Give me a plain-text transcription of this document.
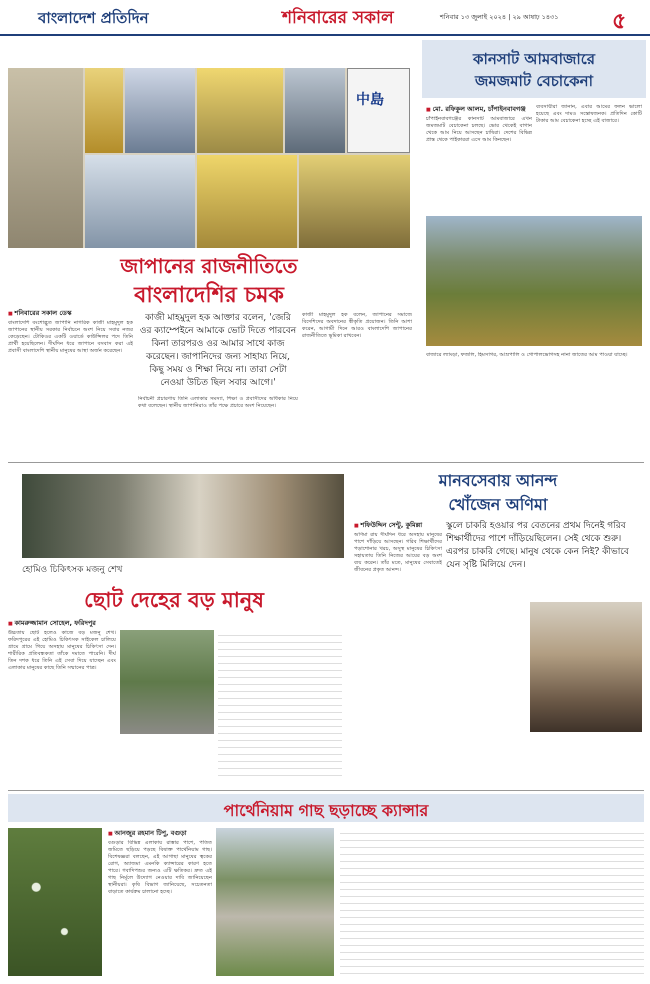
বাংলাদেশ প্রতিদিন	শনিবারের সকাল	শনিবার ১৩ জুলাই ২০২৪ | ২৯ আষাঢ় ১৪৩১ ৫
中島
জাপানের রাজনীতিতে
বাংলাদেশির চমক
■ শনিবারের সকাল ডেস্ক
বাংলাদেশি বংশোদ্ভূত জাপানি নাগরিক কাজী মাহমুদুল হক জাপানের স্থানীয় সরকার নির্বাচনে অংশ নিয়ে সবার নজর কেড়েছেন। টোকিওর একটি ওয়ার্ডে কাউন্সিলর পদে তিনি প্রার্থী হয়েছিলেন। দীর্ঘদিন ধরে জাপানে বসবাস করা এই প্রবাসী বাংলাদেশি স্থানীয় মানুষের আস্থা অর্জন করেছেন।
কাজী মাহমুদুল হক আক্তার বলেন, 'জেরি ওর ক্যাম্পেইনে আমাকে ভোট দিতে পারবেন কিনা তারপরও ওর আমার সাথে কাজ করেছেন। জাপানিদের জন্য সাহায্য নিয়ে, কিছু সময় ও শিক্ষা নিয়ে না। তারা সেটা নেওয়া উচিত ছিল সবার আগে।'
নির্বাচনী প্রচারণায় তিনি এলাকার সমস্যা, শিক্ষা ও প্রবাসীদের অধিকার নিয়ে কথা বলেছেন। স্থানীয় জাপানিরাও তাঁর পক্ষে প্রচারে অংশ নিয়েছেন।
কাজী মাহমুদুল হক বলেন, জাপানের সমাজে বিদেশিদের অবদানের স্বীকৃতি প্রয়োজন। তিনি আশা করেন, আগামী দিনে আরও বাংলাদেশি জাপানের রাজনীতিতে ভূমিকা রাখবেন।
কানসাট আমবাজারে
জমজমাট বেচাকেনা
■ মো. রফিকুল আলম, চাঁপাইনবাবগঞ্জ
চাঁপাইনবাবগঞ্জের কানসাট আমবাজারে এখন জমজমাট বেচাকেনা চলছে। ভোর থেকেই বাগান থেকে আম নিয়ে আসছেন চাষিরা। দেশের বিভিন্ন প্রান্ত থেকে পাইকাররা এসে আম কিনছেন।
ব্যবসায়ীরা জানান, এবার আমের ফলন ভালো হয়েছে এবং দামও সন্তোষজনক। প্রতিদিন কোটি টাকার আম বেচাকেনা হচ্ছে এই বাজারে।
বাজারে ল্যাংড়া, ফজলি, হিমসাগর, আম্রপালি ও গোপালভোগসহ নানা জাতের আম পাওয়া যাচ্ছে।
হোমিও চিকিৎসক মজনু শেখ
মানবসেবায় আনন্দ
খোঁজেন অণিমা
■ শফিউদ্দিন সেন্টু, কুমিল্লা	স্কুলে চাকরি হওয়ার পর বেতনের প্রথম দিনেই গরিব শিক্ষার্থীদের পাশে দাঁড়িয়েছিলেন। সেই থেকে শুরু। এরপর চাকরি গেছে। মানুষ থেকে কেন নিই? কীভাবে যেন সৃষ্টি মিলিয়ে দেন।
অণিমা রায় দীর্ঘদিন ধরে অসহায় মানুষের পাশে দাঁড়িয়ে আসছেন। গরিব শিক্ষার্থীদের পড়াশোনার খরচ, অসুস্থ মানুষের চিকিৎসা সহায়তায় তিনি নিজের আয়ের বড় অংশ ব্যয় করেন। তাঁর মতে, মানুষের সেবাতেই জীবনের প্রকৃত আনন্দ।
ছোট দেহের বড় মানুষ
■ কামরুজ্জামান সোহেল, ফরিদপুর
উচ্চতায় ছোট হলেও কাজে বড় মজনু শেখ। ফরিদপুরের এই হোমিও চিকিৎসক সাইকেল চালিয়ে গ্রামে গ্রামে গিয়ে অসহায় মানুষের চিকিৎসা দেন। শারীরিক প্রতিবন্ধকতা তাঁকে দমাতে পারেনি। দীর্ঘ তিন দশক ধরে তিনি এই সেবা দিয়ে যাচ্ছেন এবং এলাকার মানুষের কাছে তিনি সম্মানের পাত্র।
পার্থেনিয়াম গাছ ছড়াচ্ছে ক্যান্সার
■ আনজুর রহমান টিপু, বগুড়া
বগুড়ার বিভিন্ন এলাকায় রাস্তার পাশে, পতিত জমিতে ছড়িয়ে পড়ছে বিষাক্ত পার্থেনিয়াম গাছ। বিশেষজ্ঞরা বলছেন, এই আগাছা মানুষের ত্বকের রোগ, অ্যাজমা এমনকি ক্যান্সারের কারণ হতে পারে। গবাদিপশুর জন্যও এটি ক্ষতিকর। দ্রুত এই গাছ নির্মূলে উদ্যোগ নেওয়ার দাবি জানিয়েছেন স্থানীয়রা। কৃষি বিভাগ জানিয়েছে, সচেতনতা বাড়াতে কার্যক্রম চালানো হচ্ছে।
